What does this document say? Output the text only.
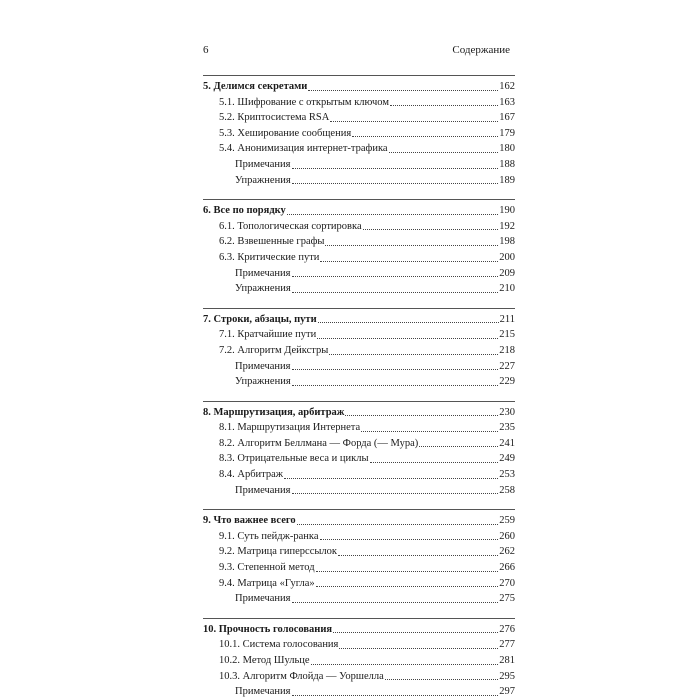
6	Содержание
5. Делимся секретами	162
5.1. Шифрование с открытым ключом	163
5.2. Криптосистема RSA	167
5.3. Хеширование сообщения	179
5.4. Анонимизация интернет-трафика	180
Примечания	188
Упражнения	189
6. Все по порядку	190
6.1. Топологическая сортировка	192
6.2. Взвешенные графы	198
6.3. Критические пути	200
Примечания	209
Упражнения	210
7. Строки, абзацы, пути	211
7.1. Кратчайшие пути	215
7.2. Алгоритм Дейкстры	218
Примечания	227
Упражнения	229
8. Маршрутизация, арбитраж	230
8.1. Маршрутизация Интернета	235
8.2. Алгоритм Беллмана — Форда (— Мура)	241
8.3. Отрицательные веса и циклы	249
8.4. Арбитраж	253
Примечания	258
9. Что важнее всего	259
9.1. Суть пейдж-ранка	260
9.2. Матрица гиперссылок	262
9.3. Степенной метод	266
9.4. Матрица «Гугла»	270
Примечания	275
10. Прочность голосования	276
10.1. Система голосования	277
10.2. Метод Шульце	281
10.3. Алгоритм Флойда — Уоршелла	295
Примечания	297
